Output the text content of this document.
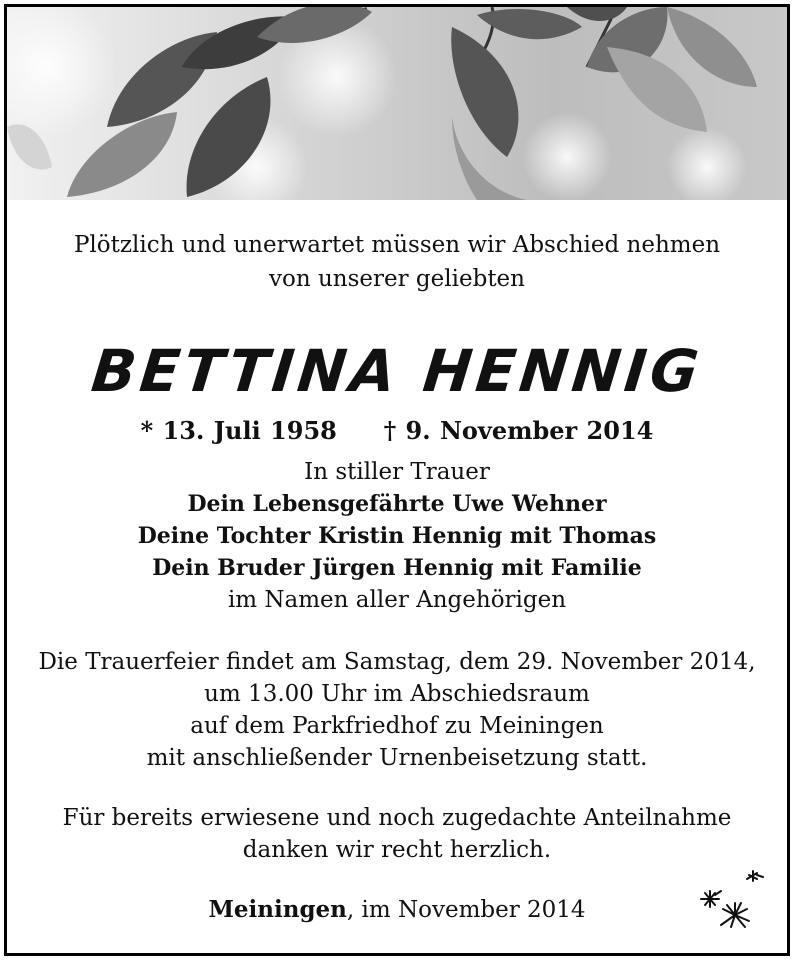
Plötzlich und unerwartet müssen wir Abschied nehmen
von unserer geliebten
BETTINA HENNIG
* 13. Juli 1958 † 9. November 2014
In stiller Trauer
Dein Lebensgefährte Uwe Wehner
Deine Tochter Kristin Hennig mit Thomas
Dein Bruder Jürgen Hennig mit Familie
im Namen aller Angehörigen
Die Trauerfeier findet am Samstag, dem 29. November 2014,
um 13.00 Uhr im Abschiedsraum
auf dem Parkfriedhof zu Meiningen
mit anschließender Urnenbeisetzung statt.
Für bereits erwiesene und noch zugedachte Anteilnahme
danken wir recht herzlich.
Meiningen, im November 2014
